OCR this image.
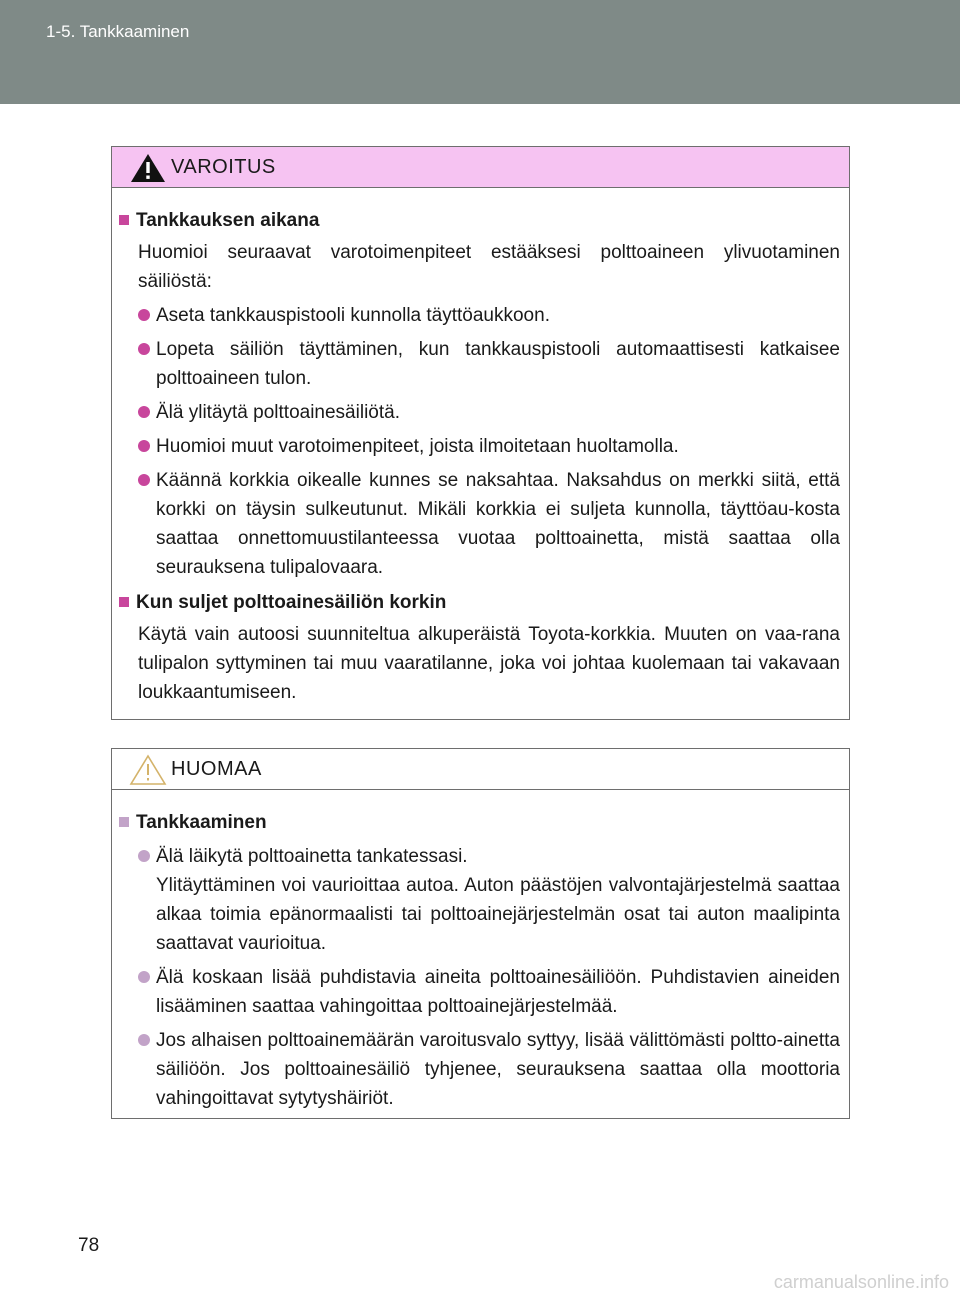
1-5. Tankkaaminen
VAROITUS
Tankkauksen aikana
Huomioi seuraavat varotoimenpiteet estääksesi polttoaineen ylivuotaminen säiliöstä:
Aseta tankkauspistooli kunnolla täyttöaukkoon.
Lopeta säiliön täyttäminen, kun tankkauspistooli automaattisesti katkaisee polttoaineen tulon.
Älä ylitäytä polttoainesäiliötä.
Huomioi muut varotoimenpiteet, joista ilmoitetaan huoltamolla.
Käännä korkkia oikealle kunnes se naksahtaa. Naksahdus on merkki siitä, että korkki on täysin sulkeutunut. Mikäli korkkia ei suljeta kunnolla, täyttöau-kosta saattaa onnettomuustilanteessa vuotaa polttoainetta, mistä saattaa olla seurauksena tulipalovaara.
Kun suljet polttoainesäiliön korkin
Käytä vain autoosi suunniteltua alkuperäistä Toyota-korkkia. Muuten on vaa-rana tulipalon syttyminen tai muu vaaratilanne, joka voi johtaa kuolemaan tai vakavaan loukkaantumiseen.
HUOMAA
Tankkaaminen
Älä läikytä polttoainetta tankatessasi.
Ylitäyttäminen voi vaurioittaa autoa. Auton päästöjen valvontajärjestelmä saattaa alkaa toimia epänormaalisti tai polttoainejärjestelmän osat tai auton maalipinta saattavat vaurioitua.
Älä koskaan lisää puhdistavia aineita polttoainesäiliöön. Puhdistavien aineiden lisääminen saattaa vahingoittaa polttoainejärjestelmää.
Jos alhaisen polttoainemäärän varoitusvalo syttyy, lisää välittömästi poltto-ainetta säiliöön. Jos polttoainesäiliö tyhjenee, seurauksena saattaa olla moottoria vahingoittavat sytytyshäiriöt.
78
carmanualsonline.info
